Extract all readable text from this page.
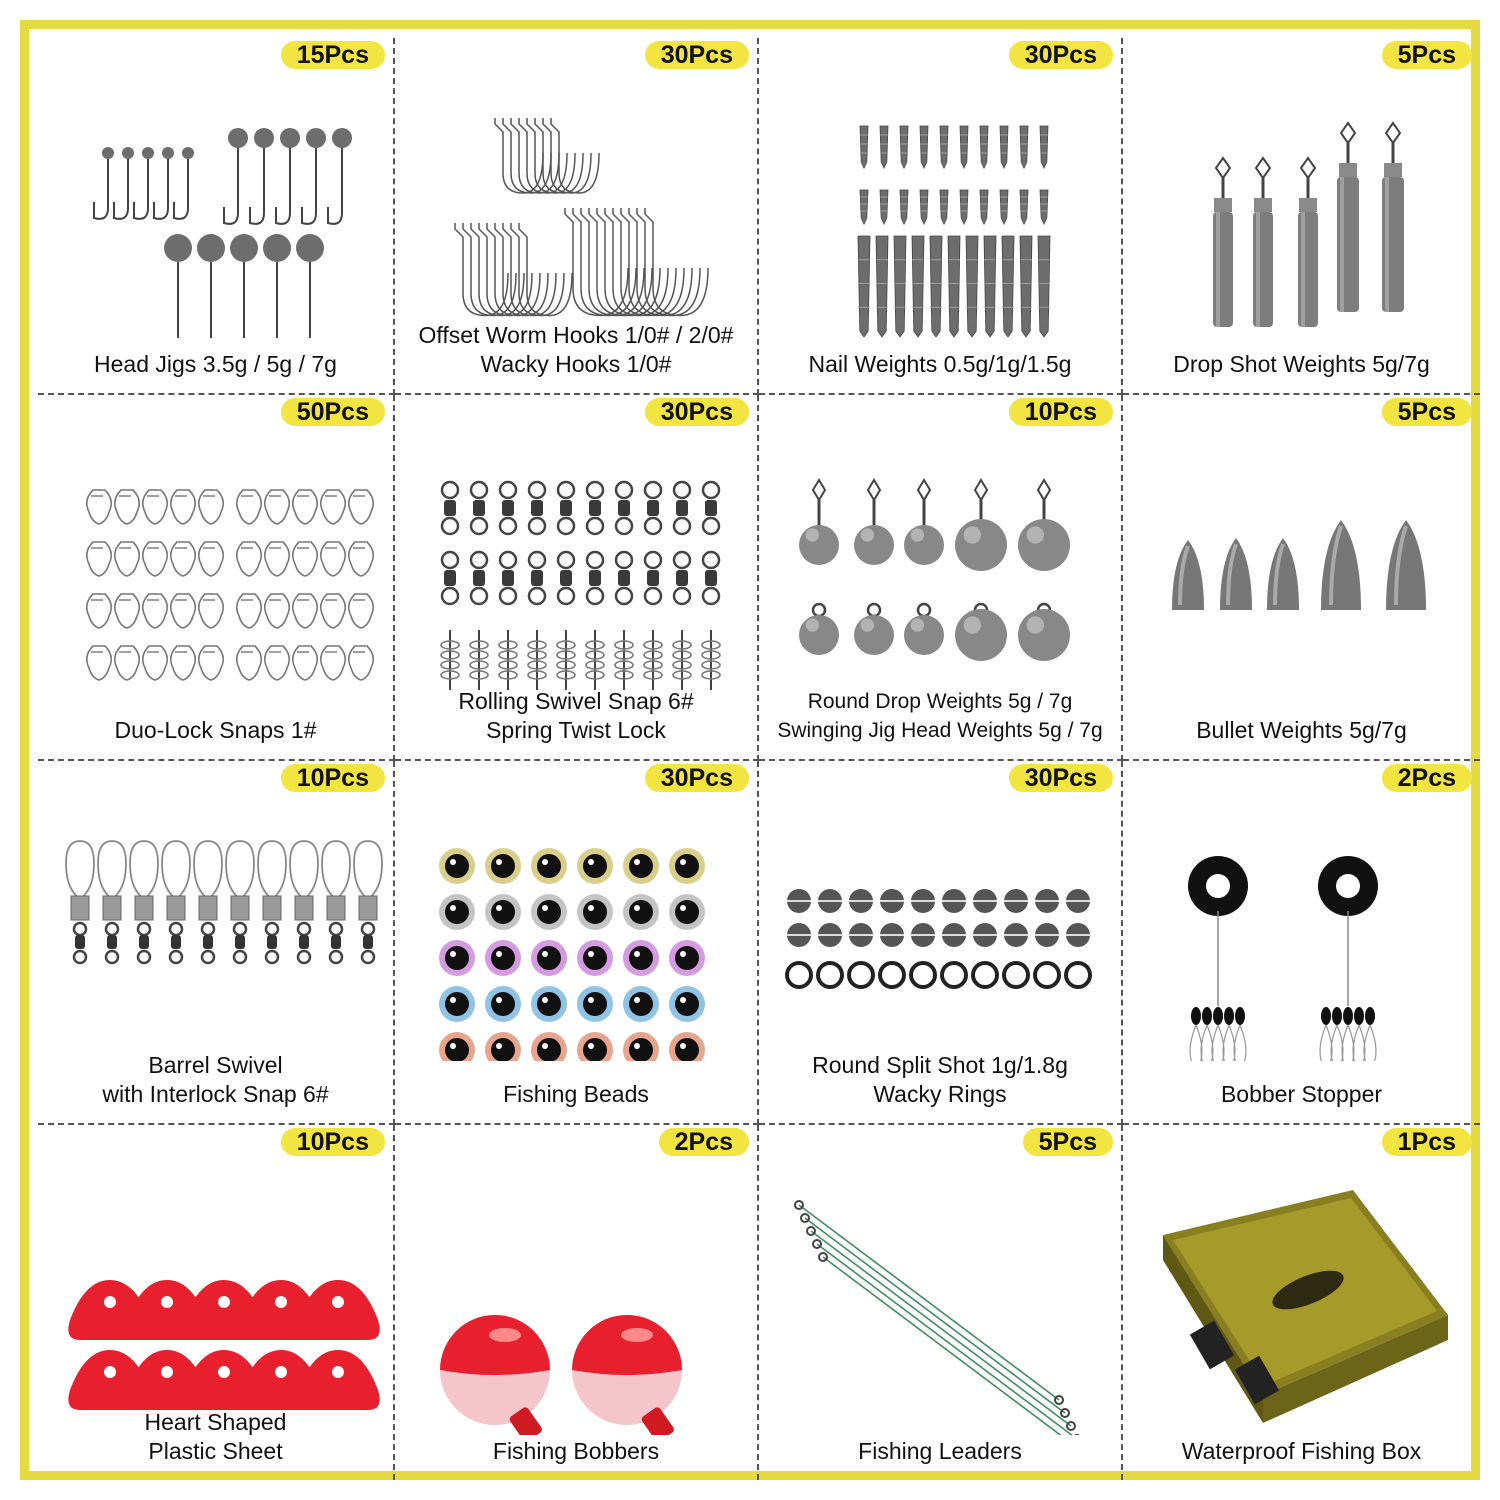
15Pcs
Head Jigs 3.5g / 5g / 7g
30Pcs
Offset Worm Hooks 1/0# / 2/0#
Wacky Hooks 1/0#
30Pcs
Nail Weights 0.5g/1g/1.5g
5Pcs
Drop Shot Weights 5g/7g
50Pcs
Duo-Lock Snaps 1#
30Pcs
Rolling Swivel Snap 6#
Spring Twist Lock
10Pcs
Round Drop Weights 5g / 7g
Swinging Jig Head Weights 5g / 7g
5Pcs
Bullet Weights 5g/7g
10Pcs
Barrel Swivel
with Interlock Snap 6#
30Pcs
Fishing Beads
30Pcs
Round Split Shot 1g/1.8g
Wacky Rings
2Pcs
Bobber Stopper
10Pcs
Heart Shaped
Plastic Sheet
2Pcs
Fishing Bobbers
5Pcs
Fishing Leaders
1Pcs
Waterproof Fishing Box
